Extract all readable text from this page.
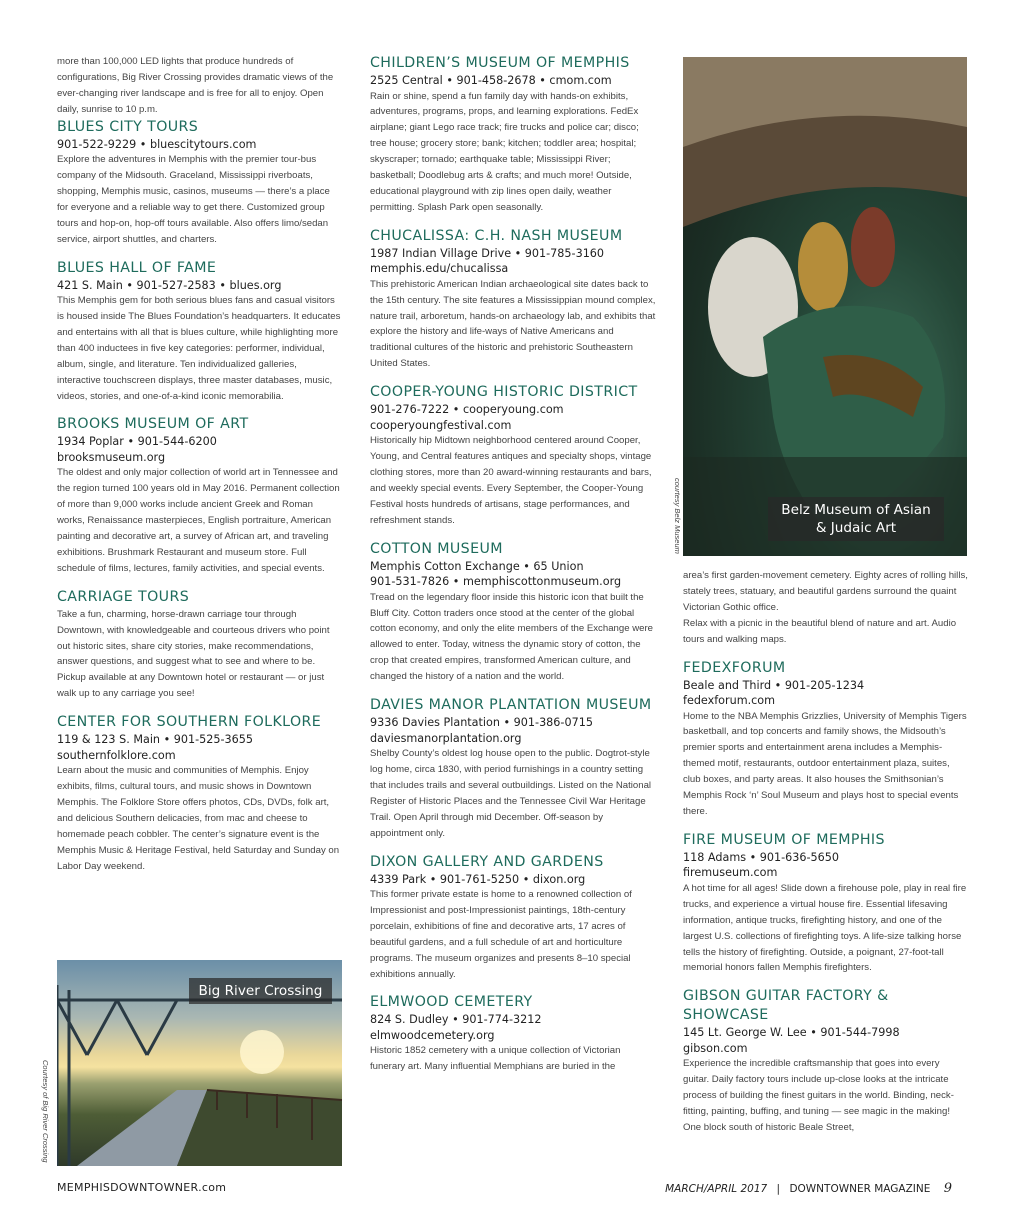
more than 100,000 LED lights that produce hundreds of configurations, Big River Crossing provides dramatic views of the ever-changing river landscape and is free for all to enjoy. Open daily, sunrise to 10 p.m.

BLUES CITY TOURS

901-522-9229 • bluescitytours.com

Explore the adventures in Memphis with the premier tour-bus company of the Midsouth. Graceland, Mississippi riverboats, shopping, Memphis music, casinos, museums — there’s a place for everyone and a reliable way to get there. Customized group tours and hop-on, hop-off tours available. Also offers limo/sedan service, airport shuttles, and charters.

BLUES HALL OF FAME

421 S. Main • 901-527-2583 • blues.org

This Memphis gem for both serious blues fans and casual visitors is housed inside The Blues Foundation’s headquarters. It educates and entertains with all that is blues culture, while highlighting more than 400 inductees in five key categories: performer, individual, album, single, and literature. Ten individualized galleries, interactive touchscreen displays, three master databases, music, videos, stories, and one-of-a-kind iconic memorabilia.

BROOKS MUSEUM OF ART

1934 Poplar • 901-544-6200

brooksmuseum.org

The oldest and only major collection of world art in Tennessee and the region turned 100 years old in May 2016. Permanent collection of more than 9,000 works include ancient Greek and Roman works, Renaissance masterpieces, English portraiture, American painting and decorative art, a survey of African art, and traveling exhibitions. Brushmark Restaurant and museum store. Full schedule of films, lectures, family activities, and special events.

CARRIAGE TOURS

Take a fun, charming, horse-drawn carriage tour through Downtown, with knowledgeable and courteous drivers who point out historic sites, share city stories, make recommendations, answer questions, and suggest what to see and where to be. Pickup available at any Downtown hotel or restaurant — or just walk up to any carriage you see!

CENTER FOR SOUTHERN FOLKLORE

119 & 123 S. Main • 901-525-3655

southernfolklore.com

Learn about the music and communities of Memphis. Enjoy exhibits, films, cultural tours, and music shows in Downtown Memphis. The Folklore Store offers photos, CDs, DVDs, folk art, and delicious Southern delicacies, from mac and cheese to homemade peach cobbler. The center’s signature event is the Memphis Music & Heritage Festival, held Saturday and Sunday on Labor Day weekend.

CHILDREN’S MUSEUM OF MEMPHIS

2525 Central • 901-458-2678 • cmom.com

Rain or shine, spend a fun family day with hands-on exhibits, adventures, programs, props, and learning explorations. FedEx airplane; giant Lego race track; fire trucks and police car; disco; tree house; grocery store; bank; kitchen; toddler area; hospital; skyscraper; tornado; earthquake table; Mississippi River; basketball; Doodlebug arts & crafts; and much more! Outside, educational playground with zip lines open daily, weather permitting. Splash Park open seasonally.

CHUCALISSA: C.H. NASH MUSEUM

1987 Indian Village Drive • 901-785-3160

memphis.edu/chucalissa

This prehistoric American Indian archaeological site dates back to the 15th century. The site features a Mississippian mound complex, nature trail, arboretum, hands-on archaeology lab, and exhibits that explore the history and life-ways of Native Americans and traditional cultures of the historic and prehistoric Southeastern United States.

COOPER-YOUNG HISTORIC DISTRICT

901-276-7222 • cooperyoung.com

cooperyoungfestival.com

Historically hip Midtown neighborhood centered around Cooper, Young, and Central features antiques and specialty shops, vintage clothing stores, more than 20 award-winning restaurants and bars, and weekly special events. Every September, the Cooper-Young Festival hosts hundreds of artisans, stage performances, and refreshment stands.

COTTON MUSEUM

Memphis Cotton Exchange • 65 Union

901-531-7826 • memphiscottonmuseum.org

Tread on the legendary floor inside this historic icon that built the Bluff City. Cotton traders once stood at the center of the global cotton economy, and only the elite members of the Exchange were allowed to enter. Today, witness the dynamic story of cotton, the crop that created empires, transformed American culture, and changed the history of a nation and the world.

DAVIES MANOR PLANTATION MUSEUM

9336 Davies Plantation • 901-386-0715

daviesmanorplantation.org

Shelby County’s oldest log house open to the public. Dogtrot-style log home, circa 1830, with period furnishings in a country setting that includes trails and several outbuildings. Listed on the National Register of Historic Places and the Tennessee Civil War Heritage Trail. Open April through mid December. Off-season by appointment only.

DIXON GALLERY AND GARDENS

4339 Park • 901-761-5250 • dixon.org

This former private estate is home to a renowned collection of Impressionist and post-Impressionist paintings, 18th-century porcelain, exhibitions of fine and decorative arts, 17 acres of beautiful gardens, and a full schedule of art and horticulture programs. The museum organizes and presents 8–10 special exhibitions annually.

ELMWOOD CEMETERY

824 S. Dudley • 901-774-3212

elmwoodcemetery.org

Historic 1852 cemetery with a unique collection of Victorian funerary art. Many influential Memphians are buried in the

area’s first garden-movement cemetery. Eighty acres of rolling hills, stately trees, statuary, and beautiful gardens surround the quaint Victorian Gothic office.

Relax with a picnic in the beautiful blend of nature and art. Audio tours and walking maps.

FEDEXFORUM

Beale and Third • 901-205-1234

fedexforum.com

Home to the NBA Memphis Grizzlies, University of Memphis Tigers basketball, and top concerts and family shows, the Midsouth’s premier sports and entertainment arena includes a Memphis-themed motif, restaurants, outdoor entertainment plaza, suites, club boxes, and party areas. It also houses the Smithsonian’s Memphis Rock ‘n’ Soul Museum and plays host to special events there.

FIRE MUSEUM OF MEMPHIS

118 Adams • 901-636-5650

firemuseum.com

A hot time for all ages! Slide down a firehouse pole, play in real fire trucks, and experience a virtual house fire. Essential lifesaving information, antique trucks, firefighting history, and one of the largest U.S. collections of firefighting toys. A life-size talking horse tells the history of firefighting. Outside, a poignant, 27-foot-tall memorial honors fallen Memphis firefighters.

GIBSON GUITAR FACTORY & SHOWCASE

145 Lt. George W. Lee • 901-544-7998

gibson.com

Experience the incredible craftsmanship that goes into every guitar. Daily factory tours include up-close looks at the intricate process of building the finest guitars in the world. Binding, neck-fitting, painting, buffing, and tuning — see magic in the making! One block south of historic Beale Street,

Big River Crossing
Courtesy of Big River Crossing
Belz Museum of Asian & Judaic Art
courtesy Belz Museum
MEMPHISDOWNTOWNER.com	MARCH/APRIL 2017 | DOWNTOWNER MAGAZINE 9
